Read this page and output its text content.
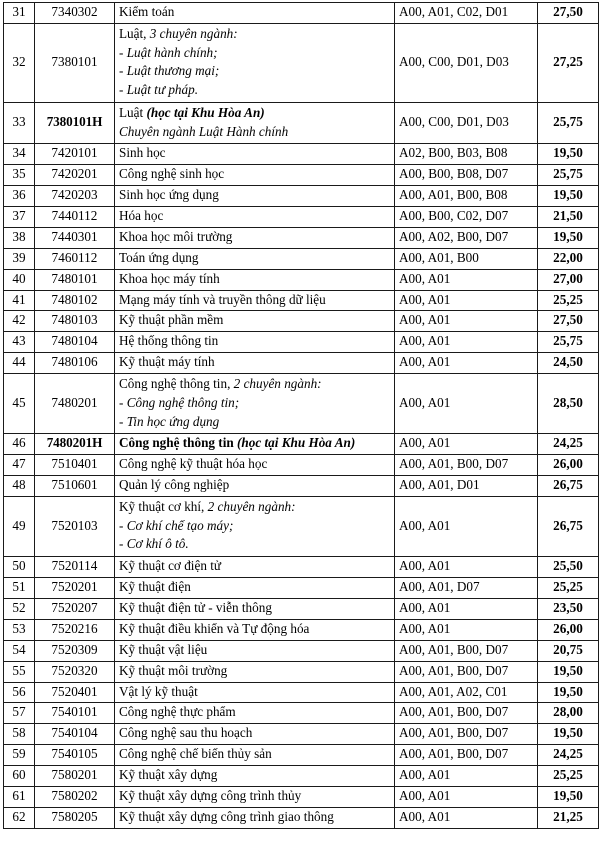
31	7340302	Kiểm toán	A00, A01, C02, D01	27,50
32	7380101	Luật, 3 chuyên ngành:
- Luật hành chính;
- Luật thương mại;
- Luật tư pháp.	A00, C00, D01, D03	27,25
33	7380101H	Luật (học tại Khu Hòa An)
Chuyên ngành Luật Hành chính	A00, C00, D01, D03	25,75
34	7420101	Sinh học	A02, B00, B03, B08	19,50
35	7420201	Công nghệ sinh học	A00, B00, B08, D07	25,75
36	7420203	Sinh học ứng dụng	A00, A01, B00, B08	19,50
37	7440112	Hóa học	A00, B00, C02, D07	21,50
38	7440301	Khoa học môi trường	A00, A02, B00, D07	19,50
39	7460112	Toán ứng dụng	A00, A01, B00	22,00
40	7480101	Khoa học máy tính	A00, A01	27,00
41	7480102	Mạng máy tính và truyền thông dữ liệu	A00, A01	25,25
42	7480103	Kỹ thuật phần mềm	A00, A01	27,50
43	7480104	Hệ thống thông tin	A00, A01	25,75
44	7480106	Kỹ thuật máy tính	A00, A01	24,50
45	7480201	Công nghệ thông tin, 2 chuyên ngành:
- Công nghệ thông tin;
- Tin học ứng dụng	A00, A01	28,50
46	7480201H	Công nghệ thông tin (học tại Khu Hòa An)	A00, A01	24,25
47	7510401	Công nghệ kỹ thuật hóa học	A00, A01, B00, D07	26,00
48	7510601	Quản lý công nghiệp	A00, A01, D01	26,75
49	7520103	Kỹ thuật cơ khí, 2 chuyên ngành:
- Cơ khí chế tạo máy;
- Cơ khí ô tô.	A00, A01	26,75
50	7520114	Kỹ thuật cơ điện tử	A00, A01	25,50
51	7520201	Kỹ thuật điện	A00, A01, D07	25,25
52	7520207	Kỹ thuật điện tử - viễn thông	A00, A01	23,50
53	7520216	Kỹ thuật điều khiển và Tự động hóa	A00, A01	26,00
54	7520309	Kỹ thuật vật liệu	A00, A01, B00, D07	20,75
55	7520320	Kỹ thuật môi trường	A00, A01, B00, D07	19,50
56	7520401	Vật lý kỹ thuật	A00, A01, A02, C01	19,50
57	7540101	Công nghệ thực phẩm	A00, A01, B00, D07	28,00
58	7540104	Công nghệ sau thu hoạch	A00, A01, B00, D07	19,50
59	7540105	Công nghệ chế biến thủy sản	A00, A01, B00, D07	24,25
60	7580201	Kỹ thuật xây dựng	A00, A01	25,25
61	7580202	Kỹ thuật xây dựng công trình thủy	A00, A01	19,50
62	7580205	Kỹ thuật xây dựng công trình giao thông	A00, A01	21,25
